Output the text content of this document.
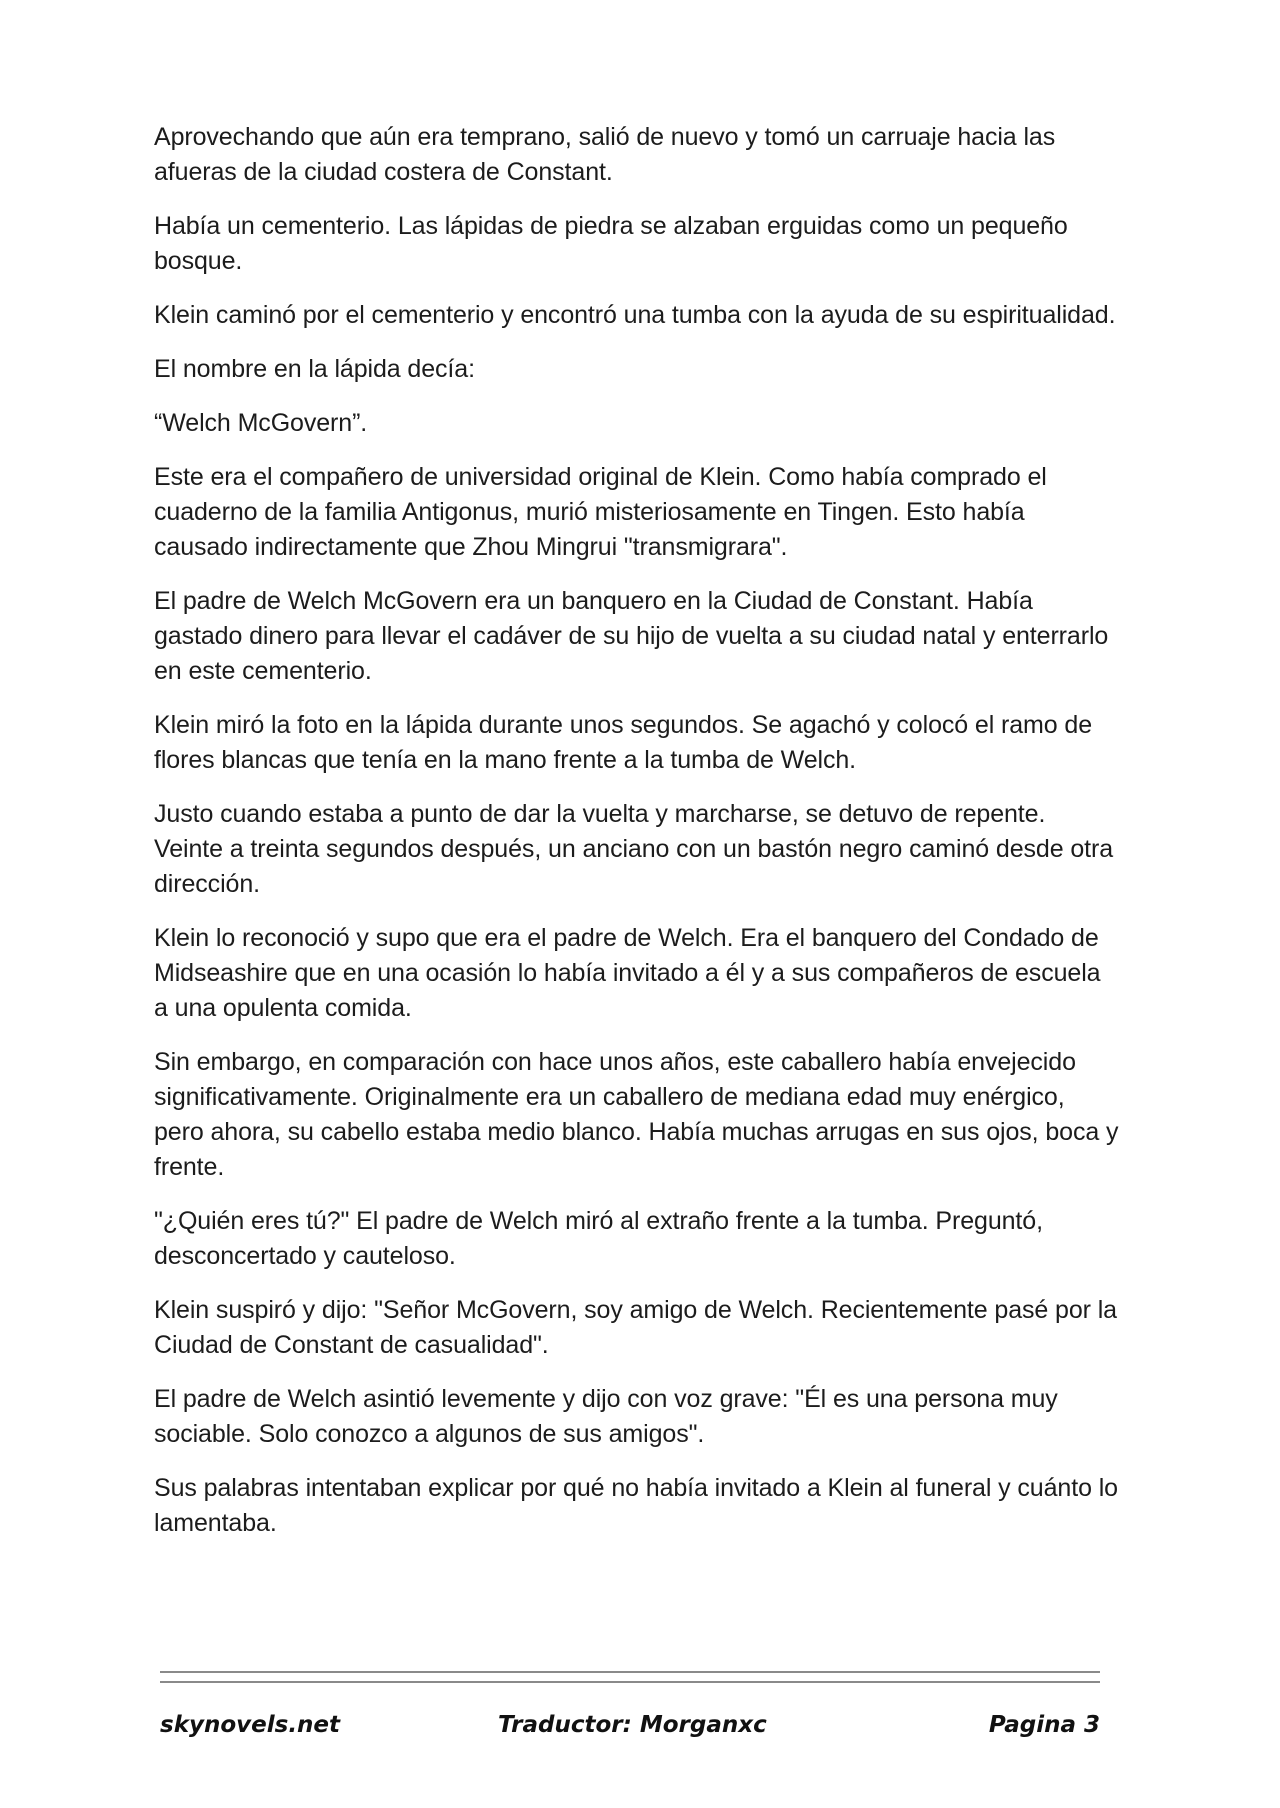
Aprovechando que aún era temprano, salió de nuevo y tomó un carruaje hacia las afueras de la ciudad costera de Constant.

Había un cementerio. Las lápidas de piedra se alzaban erguidas como un pequeño bosque.

Klein caminó por el cementerio y encontró una tumba con la ayuda de su espiritualidad.

El nombre en la lápida decía:

“Welch McGovern”.

Este era el compañero de universidad original de Klein. Como había comprado el cuaderno de la familia Antigonus, murió misteriosamente en Tingen. Esto había causado indirectamente que Zhou Mingrui "transmigrara".

El padre de Welch McGovern era un banquero en la Ciudad de Constant. Había gastado dinero para llevar el cadáver de su hijo de vuelta a su ciudad natal y enterrarlo en este cementerio.

Klein miró la foto en la lápida durante unos segundos. Se agachó y colocó el ramo de flores blancas que tenía en la mano frente a la tumba de Welch.

Justo cuando estaba a punto de dar la vuelta y marcharse, se detuvo de repente. Veinte a treinta segundos después, un anciano con un bastón negro caminó desde otra dirección.

Klein lo reconoció y supo que era el padre de Welch. Era el banquero del Condado de Midseashire que en una ocasión lo había invitado a él y a sus compañeros de escuela a una opulenta comida.

Sin embargo, en comparación con hace unos años, este caballero había envejecido significativamente. Originalmente era un caballero de mediana edad muy enérgico, pero ahora, su cabello estaba medio blanco. Había muchas arrugas en sus ojos, boca y frente.

"¿Quién eres tú?" El padre de Welch miró al extraño frente a la tumba. Preguntó, desconcertado y cauteloso.

Klein suspiró y dijo: "Señor McGovern, soy amigo de Welch. Recientemente pasé por la Ciudad de Constant de casualidad".

El padre de Welch asintió levemente y dijo con voz grave: "Él es una persona muy sociable. Solo conozco a algunos de sus amigos".

Sus palabras intentaban explicar por qué no había invitado a Klein al funeral y cuánto lo lamentaba.

skynovels.net	Traductor: Morganxc	Pagina 3
